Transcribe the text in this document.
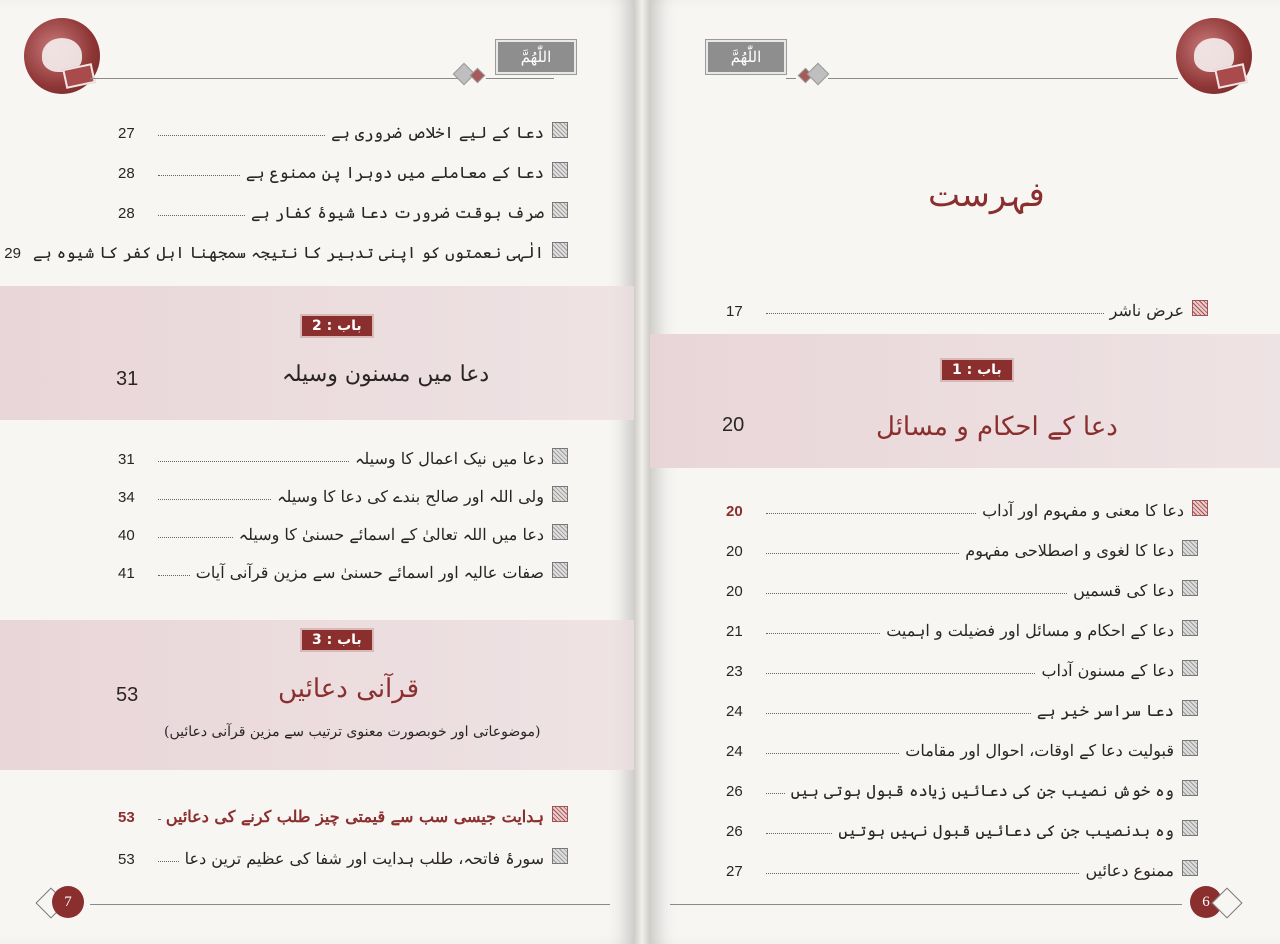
اللّٰهُمَّ
دعا کے لیے اخلاص ضروری ہے
27
دعا کے معاملے میں دوہرا پن ممنوع ہے
28
صرف بوقت ضرورت دعا شیوۂ کفار ہے
28
الٰہی نعمتوں کو اپنی تدبیر کا نتیجہ سمجھنا اہل کفر کا شیوہ ہے
29
باب : 2
دعا میں مسنون وسیلہ
31
دعا میں نیک اعمال کا وسیلہ
31
ولی اللہ اور صالح بندے کی دعا کا وسیلہ
34
دعا میں اللہ تعالیٰ کے اسمائے حسنیٰ کا وسیلہ
40
صفات عالیہ اور اسمائے حسنیٰ سے مزین قرآنی آیات
41
باب : 3
قرآنی دعائیں
53
(موضوعاتی اور خوبصورت معنوی ترتیب سے مزین قرآنی دعائیں)
ہدایت جیسی سب سے قیمتی چیز طلب کرنے کی دعائیں
53
سورۂ فاتحہ، طلب ہدایت اور شفا کی عظیم ترین دعا
53
7
اللّٰهُمَّ
فہرست
عرض ناشر
17
باب : 1
دعا کے احکام و مسائل
20
دعا کا معنی و مفہوم اور آداب
20
دعا کا لغوی و اصطلاحی مفہوم
20
دعا کی قسمیں
20
دعا کے احکام و مسائل اور فضیلت و اہمیت
21
دعا کے مسنون آداب
23
دعا سراسر خیر ہے
24
قبولیت دعا کے اوقات، احوال اور مقامات
24
وہ خوش نصیب جن کی دعائیں زیادہ قبول ہوتی ہیں
26
وہ بدنصیب جن کی دعائیں قبول نہیں ہوتیں
26
ممنوع دعائیں
27
6
